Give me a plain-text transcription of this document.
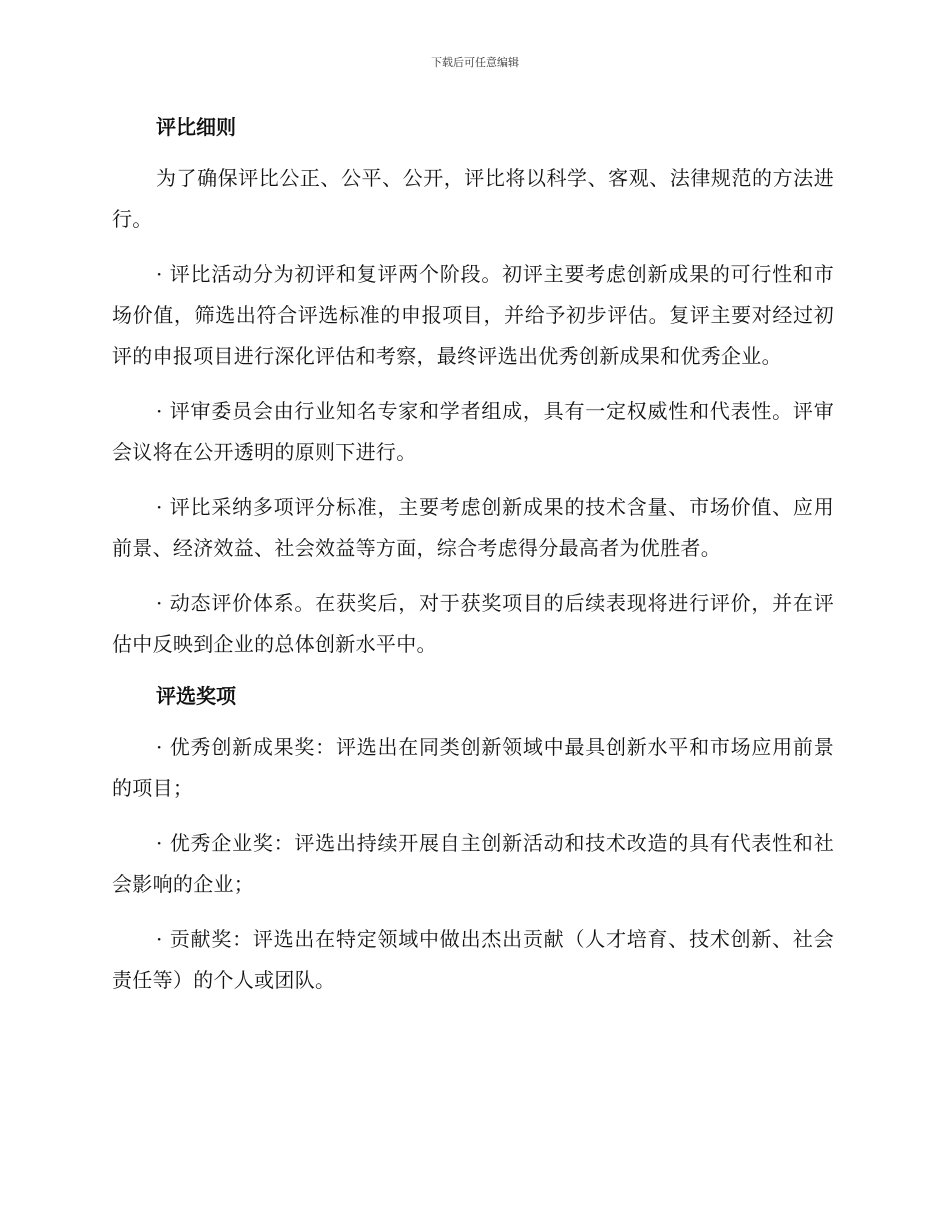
下载后可任意编辑
评比细则

为了确保评比公正、公平、公开，评比将以科学、客观、法律规范的方法进行。

· 评比活动分为初评和复评两个阶段。初评主要考虑创新成果的可行性和市场价值，筛选出符合评选标准的申报项目，并给予初步评估。复评主要对经过初评的申报项目进行深化评估和考察，最终评选出优秀创新成果和优秀企业。

· 评审委员会由行业知名专家和学者组成，具有一定权威性和代表性。评审会议将在公开透明的原则下进行。

· 评比采纳多项评分标准，主要考虑创新成果的技术含量、市场价值、应用前景、经济效益、社会效益等方面，综合考虑得分最高者为优胜者。

· 动态评价体系。在获奖后，对于获奖项目的后续表现将进行评价，并在评估中反映到企业的总体创新水平中。

评选奖项

· 优秀创新成果奖：评选出在同类创新领域中最具创新水平和市场应用前景的项目；

· 优秀企业奖：评选出持续开展自主创新活动和技术改造的具有代表性和社会影响的企业；

· 贡献奖：评选出在特定领域中做出杰出贡献（人才培育、技术创新、社会责任等）的个人或团队。
